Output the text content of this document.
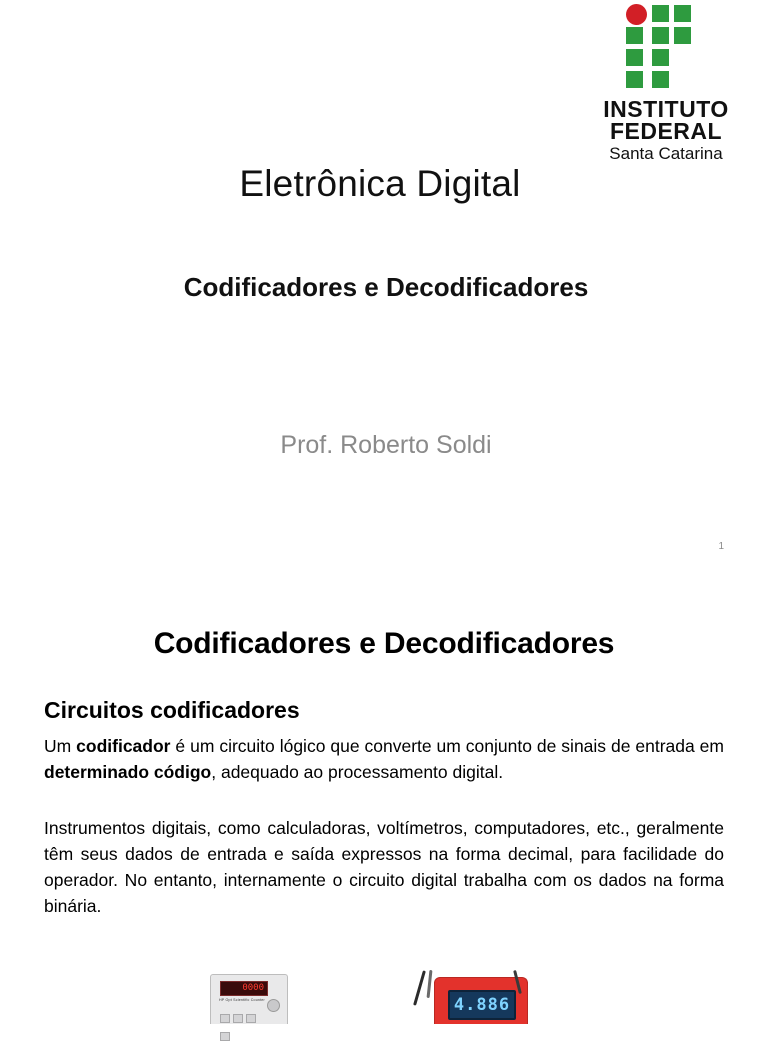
INSTITUTO
FEDERAL
Santa Catarina
Eletrônica Digital
Codificadores e Decodificadores
Prof. Roberto Soldi
1
Codificadores e Decodificadores
Circuitos codificadores

Um codificador é um circuito lógico que converte um conjunto de sinais de entrada em determinado código, adequado ao processamento digital.

Instrumentos digitais, como calculadoras, voltímetros, computadores, etc., geralmente têm seus dados de entrada e saída expressos na forma decimal, para facilidade do operador. No entanto, internamente o circuito digital trabalha com os dados na forma binária.

0000
HP Opt Scientific Counter	4.886
